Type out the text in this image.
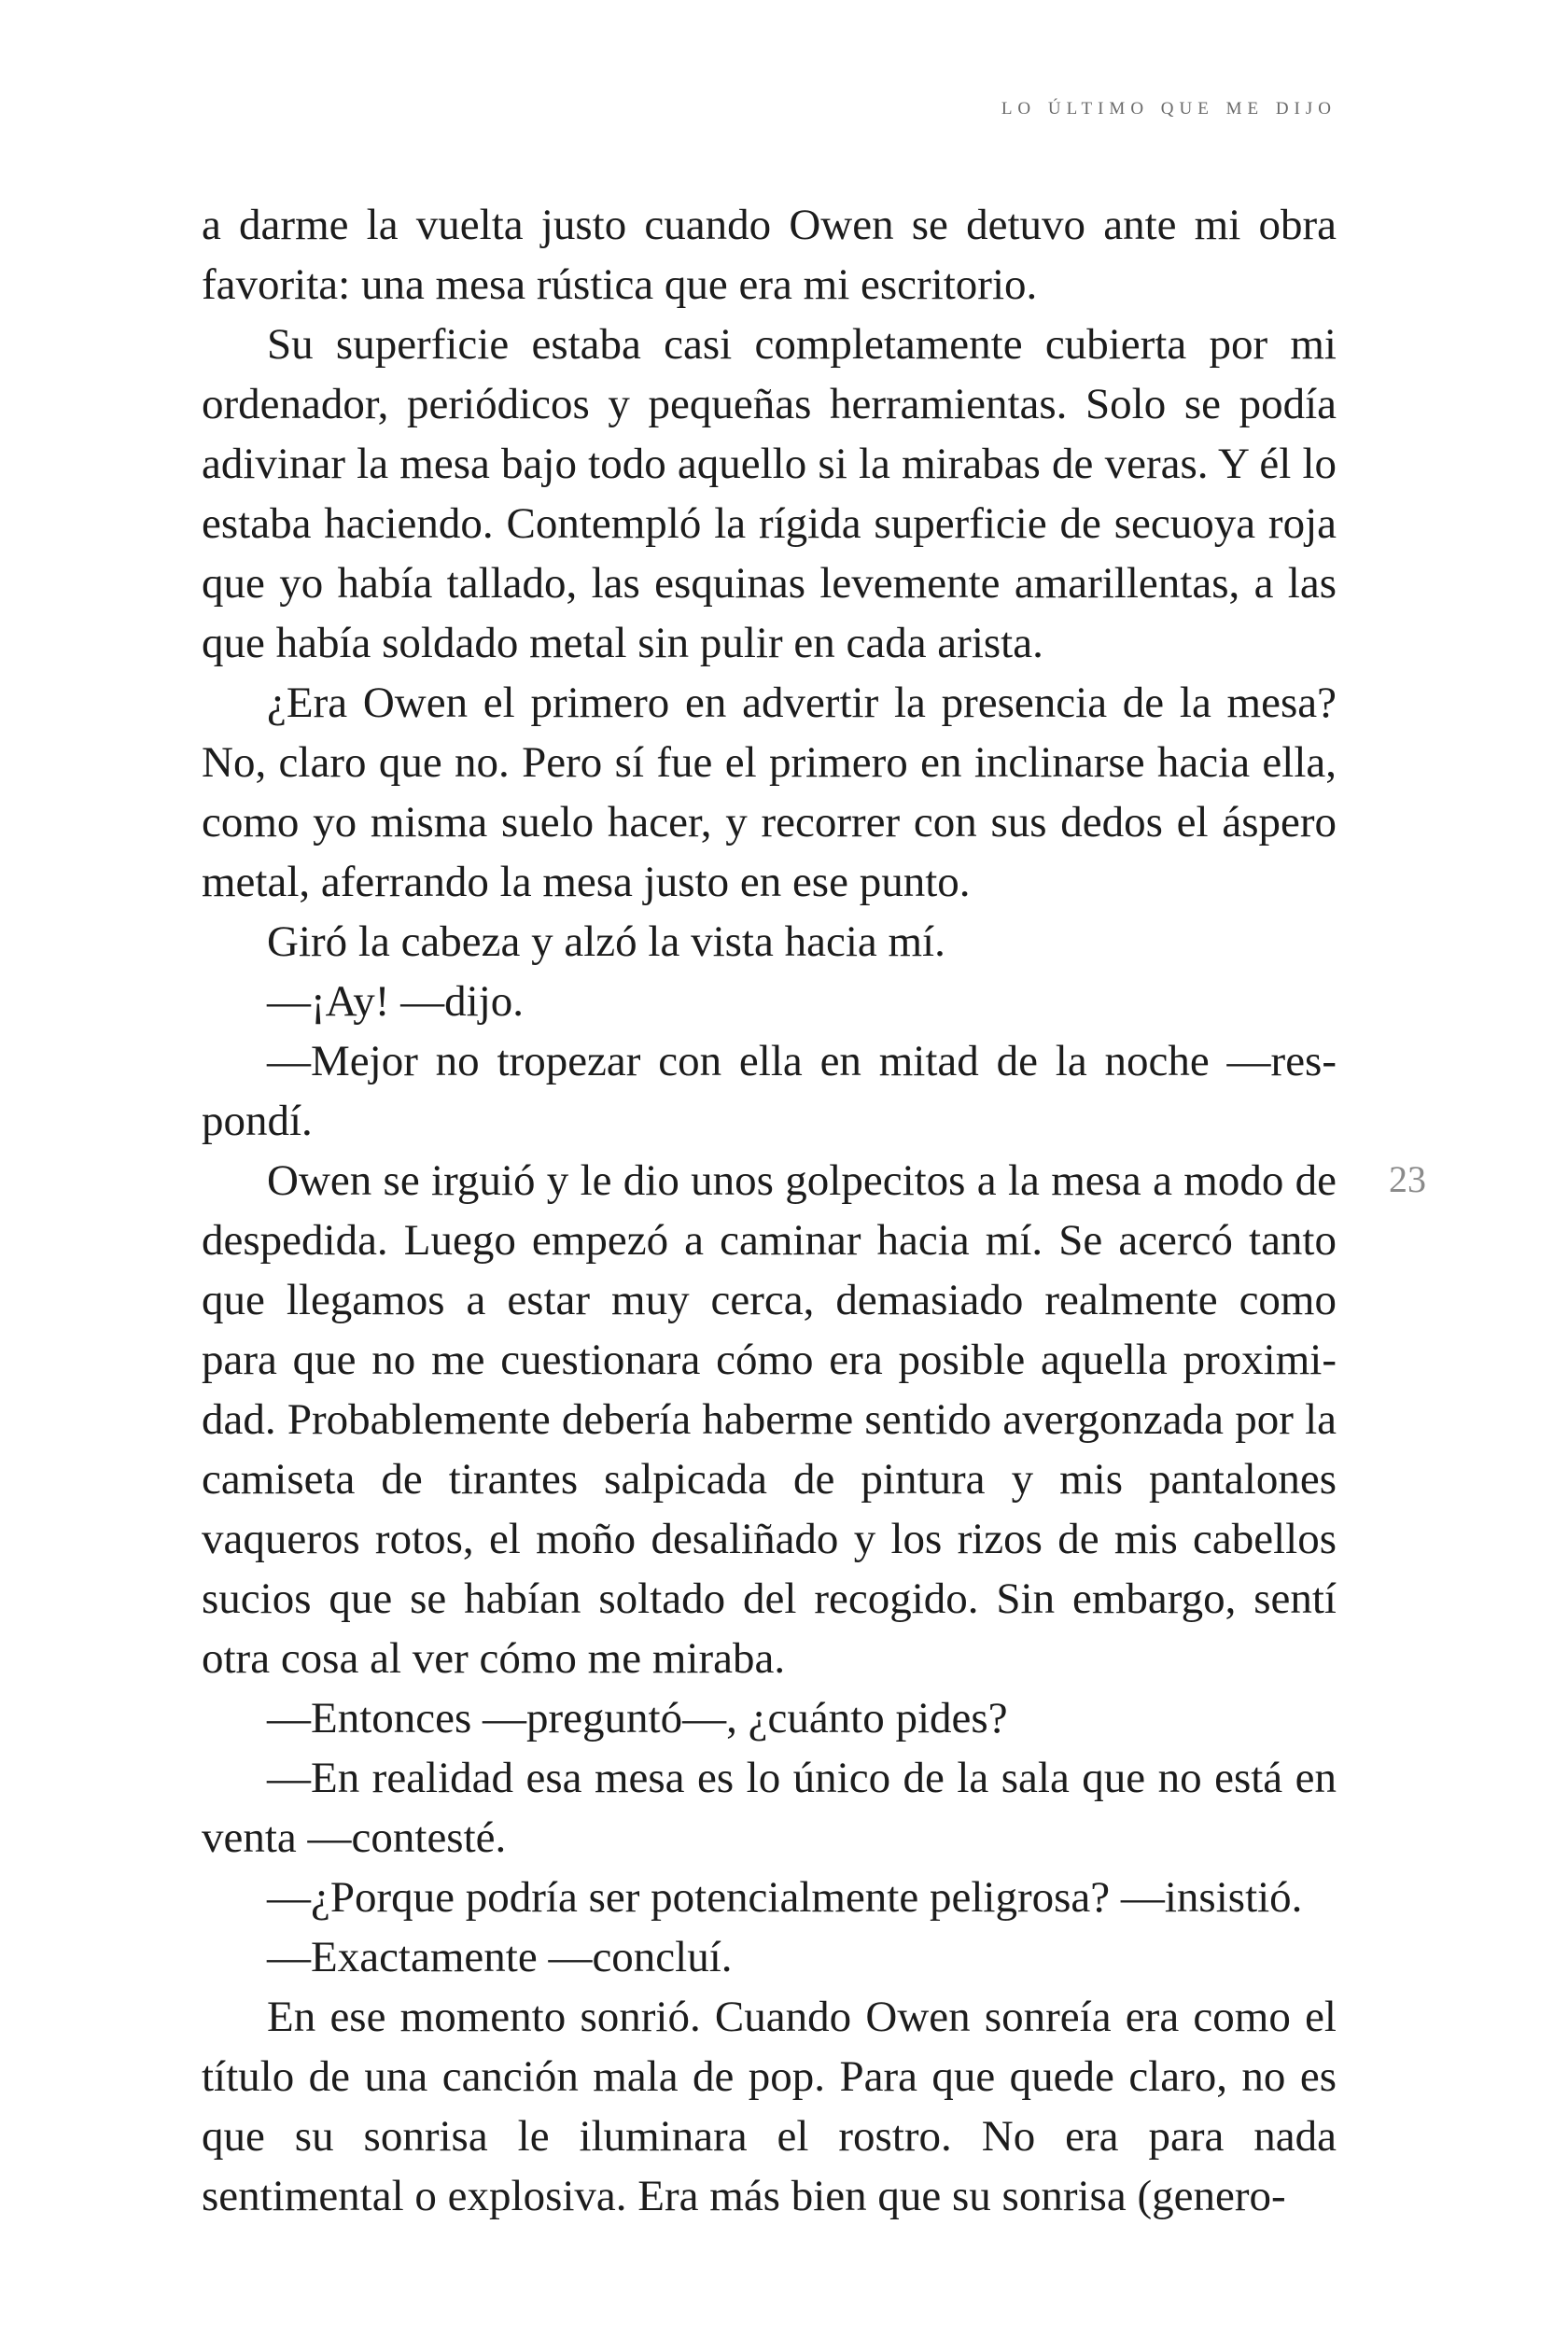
lo último que me dijo
23

a darme la vuelta justo cuando Owen se detuvo ante mi obra favorita: una mesa rústica que era mi escritorio.

Su superficie estaba casi completamente cubierta por mi ordenador, periódicos y pequeñas herramientas. Solo se podía adivinar la mesa bajo todo aquello si la mirabas de veras. Y él lo estaba haciendo. Contempló la rígida superficie de secuoya roja que yo había tallado, las esquinas levemente amarillentas, a las que había soldado metal sin pulir en cada arista.

¿Era Owen el primero en advertir la presencia de la mesa? No, claro que no. Pero sí fue el primero en inclinarse hacia ella, como yo misma suelo hacer, y recorrer con sus dedos el áspero metal, aferrando la mesa justo en ese punto.

Giró la cabeza y alzó la vista hacia mí.

—¡Ay! —dijo.

—Mejor no tropezar con ella en mitad de la noche —respondí.

Owen se irguió y le dio unos golpecitos a la mesa a modo de despedida. Luego empezó a caminar hacia mí. Se acercó tanto que llegamos a estar muy cerca, demasiado realmente como para que no me cuestionara cómo era posible aquella proximidad. Probablemente debería haberme sentido avergonzada por la camiseta de tirantes salpicada de pintura y mis pantalones vaqueros rotos, el moño desaliñado y los rizos de mis cabellos sucios que se habían soltado del recogido. Sin embargo, sentí otra cosa al ver cómo me miraba.

—Entonces —preguntó—, ¿cuánto pides?

—En realidad esa mesa es lo único de la sala que no está en venta —contesté.

—¿Porque podría ser potencialmente peligrosa? —insistió.

—Exactamente —concluí.

En ese momento sonrió. Cuando Owen sonreía era como el título de una canción mala de pop. Para que quede claro, no es que su sonrisa le iluminara el rostro. No era para nada sentimental o explosiva. Era más bien que su sonrisa (genero-
